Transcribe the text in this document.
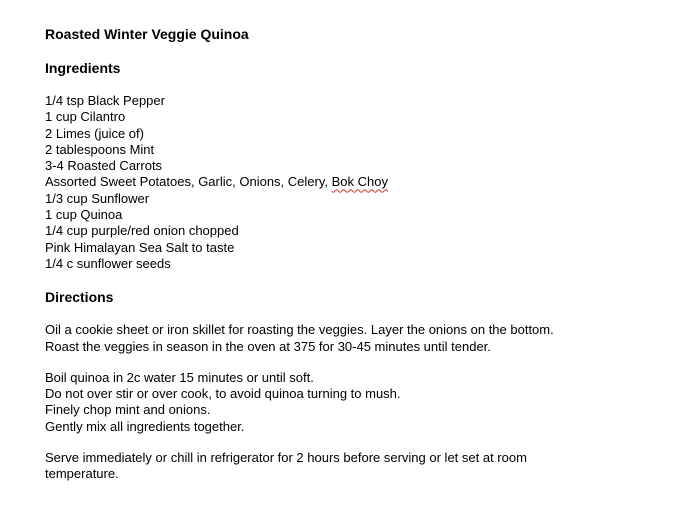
Roasted Winter Veggie Quinoa

Ingredients

1/4 tsp Black Pepper

1 cup Cilantro

2 Limes (juice of)

2 tablespoons Mint

3-4 Roasted Carrots

Assorted Sweet Potatoes, Garlic, Onions, Celery, Bok Choy

1/3 cup Sunflower

1 cup Quinoa

1/4 cup purple/red onion chopped

Pink Himalayan Sea Salt to taste

1/4 c sunflower seeds

Directions

Oil a cookie sheet or iron skillet for roasting the veggies. Layer the onions on the bottom.

Roast the veggies in season in the oven at 375 for 30-45 minutes until tender.

Boil quinoa in 2c water 15 minutes or until soft.

Do not over stir or over cook, to avoid quinoa turning to mush.

Finely chop mint and onions.

Gently mix all ingredients together.

Serve immediately or chill in refrigerator for 2 hours before serving or let set at room

temperature.
